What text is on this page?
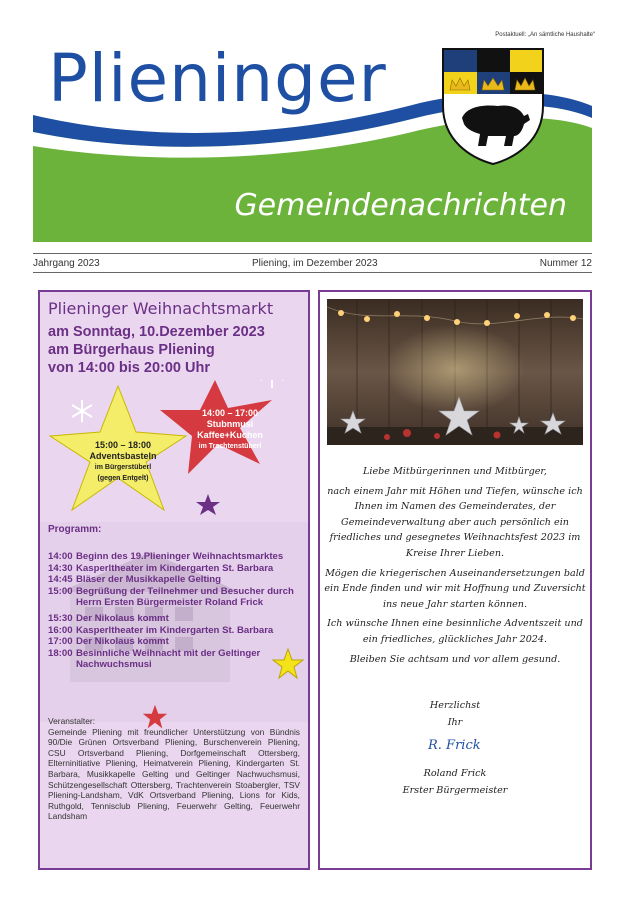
Plieninger
Postaktuell: „An sämtliche Haushalte“
Gemeindenachrichten
Jahrgang 2023	Pliening, im Dezember 2023	Nummer 12
Plieninger Weihnachtsmarkt
am Sonntag, 10.Dezember 2023
am Bürgerhaus Pliening
von 14:00 bis 20:00 Uhr
15:00 – 18:00
Adventsbasteln
im Bürgerstüberl
(gegen Entgelt)
14:00 – 17:00
Stubnmusi
Kaffee+Kuchen
im Trachtenstüberl
Programm:
14:00 Beginn des 19.Plieninger Weihnachtsmarktes
14:30 Kasperltheater im Kindergarten St. Barbara
14:45 Bläser der Musikkapelle Gelting
15:00 Begrüßung der Teilnehmer und Besucher durch Herrn Ersten Bürgermeister Roland Frick
15:30 Der Nikolaus kommt
16:00 Kasperltheater im Kindergarten St. Barbara
17:00 Der Nikolaus kommt
18:00 Besinnliche Weihnacht mit der Geltinger Nachwuchsmusi
Veranstalter:
Gemeinde Pliening mit freundlicher Unterstützung von Bündnis 90/Die Grünen Ortsverband Pliening, Burschenverein Pliening, CSU Ortsverband Pliening, Dorfgemeinschaft Ottersberg, Elterninitiative Pliening, Heimatverein Pliening, Kindergarten St. Barbara, Musikkapelle Gelting und Geltinger Nachwuchsmusi, Schützengesellschaft Ottersberg, Trachtenverein Stoabergler, TSV Pliening-Landsham, VdK Ortsverband Pliening, Lions for Kids, Ruthgold, Tennisclub Pliening, Feuerwehr Gelting, Feuerwehr Landsham

Liebe Mitbürgerinnen und Mitbürger,

nach einem Jahr mit Höhen und Tiefen, wünsche ich Ihnen im Namen des Gemeinderates, der Gemeindeverwaltung aber auch persönlich ein friedliches und gesegnetes Weihnachtsfest 2023 im Kreise Ihrer Lieben.

Mögen die kriegerischen Auseinandersetzungen bald ein Ende finden und wir mit Hoffnung und Zuversicht ins neue Jahr starten können.

Ich wünsche Ihnen eine besinnliche Adventszeit und ein friedliches, glückliches Jahr 2024.

Bleiben Sie achtsam und vor allem gesund.

Herzlichst
Ihr
R. Frick
Roland Frick
Erster Bürgermeister
